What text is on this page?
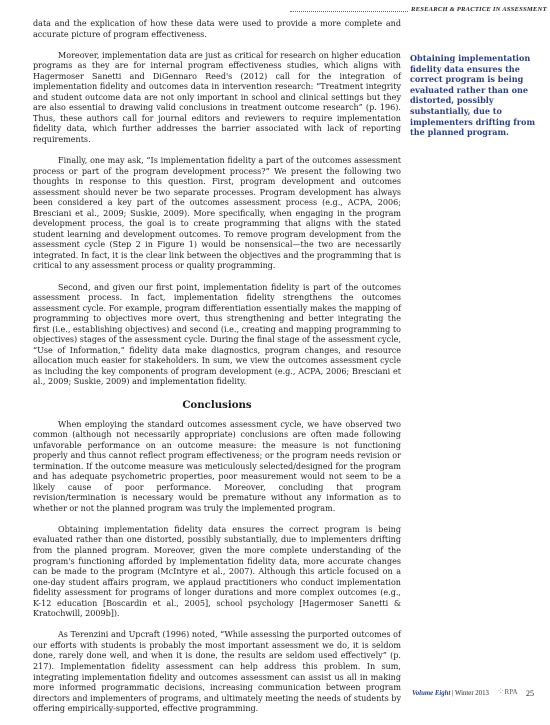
RESEARCH & PRACTICE IN ASSESSMENT

data and the explication of how these data were used to provide a more complete and accurate picture of program effectiveness.

Moreover, implementation data are just as critical for research on higher education programs as they are for internal program effectiveness studies, which aligns with Hagermoser Sanetti and DiGennaro Reed's (2012) call for the integration of implementation fidelity and outcomes data in intervention research: “Treatment integrity and student outcome data are not only important in school and clinical settings but they are also essential to drawing valid conclusions in treatment outcome research” (p. 196). Thus, these authors call for journal editors and reviewers to require implementation fidelity data, which further addresses the barrier associated with lack of reporting requirements.

Finally, one may ask, “Is implementation fidelity a part of the outcomes assessment process or part of the program development process?” We present the following two thoughts in response to this question. First, program development and outcomes assessment should never be two separate processes. Program development has always been considered a key part of the outcomes assessment process (e.g., ACPA, 2006; Bresciani et al., 2009; Suskie, 2009). More specifically, when engaging in the program development process, the goal is to create programming that aligns with the stated student learning and development outcomes. To remove program development from the assessment cycle (Step 2 in Figure 1) would be nonsensical—the two are necessarily integrated. In fact, it is the clear link between the objectives and the programming that is critical to any assessment process or quality programming.

Second, and given our first point, implementation fidelity is part of the outcomes assessment process. In fact, implementation fidelity strengthens the outcomes assessment cycle. For example, program differentiation essentially makes the mapping of programming to objectives more overt, thus strengthening and better integrating the first (i.e., establishing objectives) and second (i.e., creating and mapping programming to objectives) stages of the assessment cycle. During the final stage of the assessment cycle, “Use of Information,” fidelity data make diagnostics, program changes, and resource allocation much easier for stakeholders. In sum, we view the outcomes assessment cycle as including the key components of program development (e.g., ACPA, 2006; Bresciani et al., 2009; Suskie, 2009) and implementation fidelity.

Conclusions

When employing the standard outcomes assessment cycle, we have observed two common (although not necessarily appropriate) conclusions are often made following unfavorable performance on an outcome measure: the measure is not functioning properly and thus cannot reflect program effectiveness; or the program needs revision or termination. If the outcome measure was meticulously selected/designed for the program and has adequate psychometric properties, poor measurement would not seem to be a likely cause of poor performance. Moreover, concluding that program revision/termination is necessary would be premature without any information as to whether or not the planned program was truly the implemented program.

Obtaining implementation fidelity data ensures the correct program is being evaluated rather than one distorted, possibly substantially, due to implementers drifting from the planned program. Moreover, given the more complete understanding of the program's functioning afforded by implementation fidelity data, more accurate changes can be made to the program (McIntyre et al., 2007). Although this article focused on a one-day student affairs program, we applaud practitioners who conduct implementation fidelity assessment for programs of longer durations and more complex outcomes (e.g., K-12 education [Boscardin et al., 2005], school psychology [Hagermoser Sanetti & Kratochwill, 2009b]).

As Terenzini and Upcraft (1996) noted, “While assessing the purported outcomes of our efforts with students is probably the most important assessment we do, it is seldom done, rarely done well, and when it is done, the results are seldom used effectively” (p. 217). Implementation fidelity assessment can help address this problem. In sum, integrating implementation fidelity and outcomes assessment can assist us all in making more informed programmatic decisions, increasing communication between program directors and implementers of programs, and ultimately meeting the needs of students by offering empirically-supported, effective programming.

Obtaining implementation fidelity data ensures the correct program is being evaluated rather than one distorted, possibly substantially, due to implementers drifting from the planned program.
Volume Eight | Winter 2013 ⁘RPA 25
